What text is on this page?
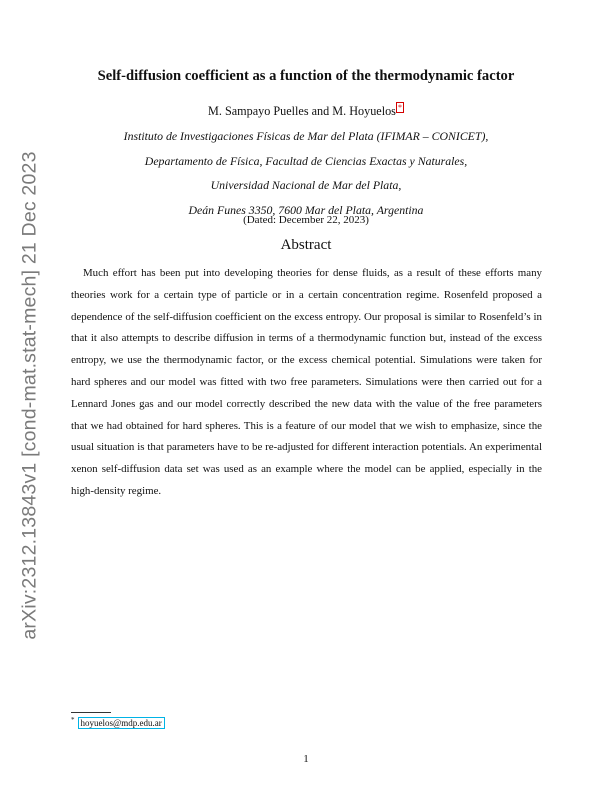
arXiv:2312.13843v1 [cond-mat.stat-mech] 21 Dec 2023
Self-diffusion coefficient as a function of the thermodynamic factor
M. Sampayo Puelles and M. Hoyuelos *
Instituto de Investigaciones Físicas de Mar del Plata (IFIMAR – CONICET),
Departamento de Física, Facultad de Ciencias Exactas y Naturales,
Universidad Nacional de Mar del Plata,
Deán Funes 3350, 7600 Mar del Plata, Argentina
(Dated: December 22, 2023)
Abstract

Much effort has been put into developing theories for dense fluids, as a result of these efforts many theories work for a certain type of particle or in a certain concentration regime. Rosenfeld proposed a dependence of the self-diffusion coefficient on the excess entropy. Our proposal is similar to Rosenfeld’s in that it also attempts to describe diffusion in terms of a thermodynamic function but, instead of the excess entropy, we use the thermodynamic factor, or the excess chemical potential. Simulations were taken for hard spheres and our model was fitted with two free parameters. Simulations were then carried out for a Lennard Jones gas and our model correctly described the new data with the value of the free parameters that we had obtained for hard spheres. This is a feature of our model that we wish to emphasize, since the usual situation is that parameters have to be re-adjusted for different interaction potentials. An experimental xenon self-diffusion data set was used as an example where the model can be applied, especially in the high-density regime.

* hoyuelos@mdp.edu.ar
1
